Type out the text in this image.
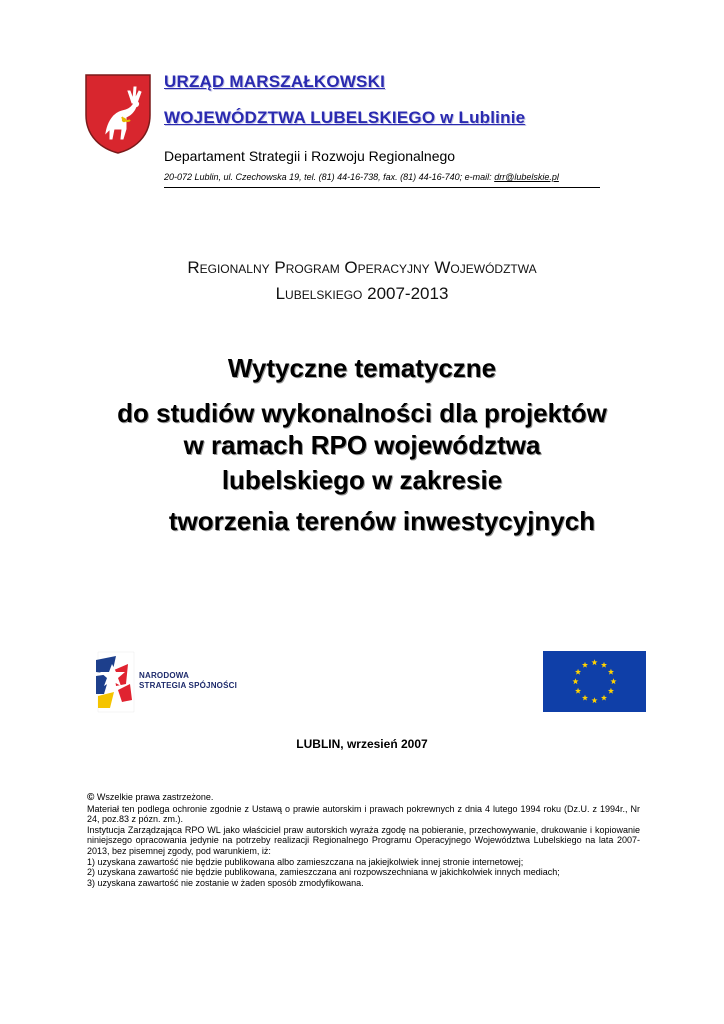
URZĄD MARSZAŁKOWSKI
WOJEWÓDZTWA LUBELSKIEGO w Lublinie
Departament Strategii i Rozwoju Regionalnego
20-072 Lublin, ul. Czechowska 19, tel. (81) 44-16-738, fax. (81) 44-16-740; e-mail: drr@lubelskie.pl
Regionalny Program Operacyjny Województwa
Lubelskiego 2007-2013
Wytyczne tematyczne
do studiów wykonalności dla projektów
w ramach RPO województwa
lubelskiego w zakresie
tworzenia terenów inwestycyjnych
NARODOWA
STRATEGIA SPÓJNOŚCI
LUBLIN, wrzesień 2007
© Wszelkie prawa zastrzeżone.
Materiał ten podlega ochronie zgodnie z Ustawą o prawie autorskim i prawach pokrewnych z dnia 4 lutego 1994 roku (Dz.U. z 1994r., Nr 24, poz.83 z pózn. zm.).
Instytucja Zarządzająca RPO WL jako właściciel praw autorskich wyraża zgodę na pobieranie, przechowywanie, drukowanie i kopiowanie niniejszego opracowania jedynie na potrzeby realizacji Regionalnego Programu Operacyjnego Województwa Lubelskiego na lata 2007-2013, bez pisemnej zgody, pod warunkiem, iż:
1) uzyskana zawartość nie będzie publikowana albo zamieszczana na jakiejkolwiek innej stronie internetowej;
2) uzyskana zawartość nie będzie publikowana, zamieszczana ani rozpowszechniana w jakichkolwiek innych mediach;
3) uzyskana zawartość nie zostanie w żaden sposób zmodyfikowana.
